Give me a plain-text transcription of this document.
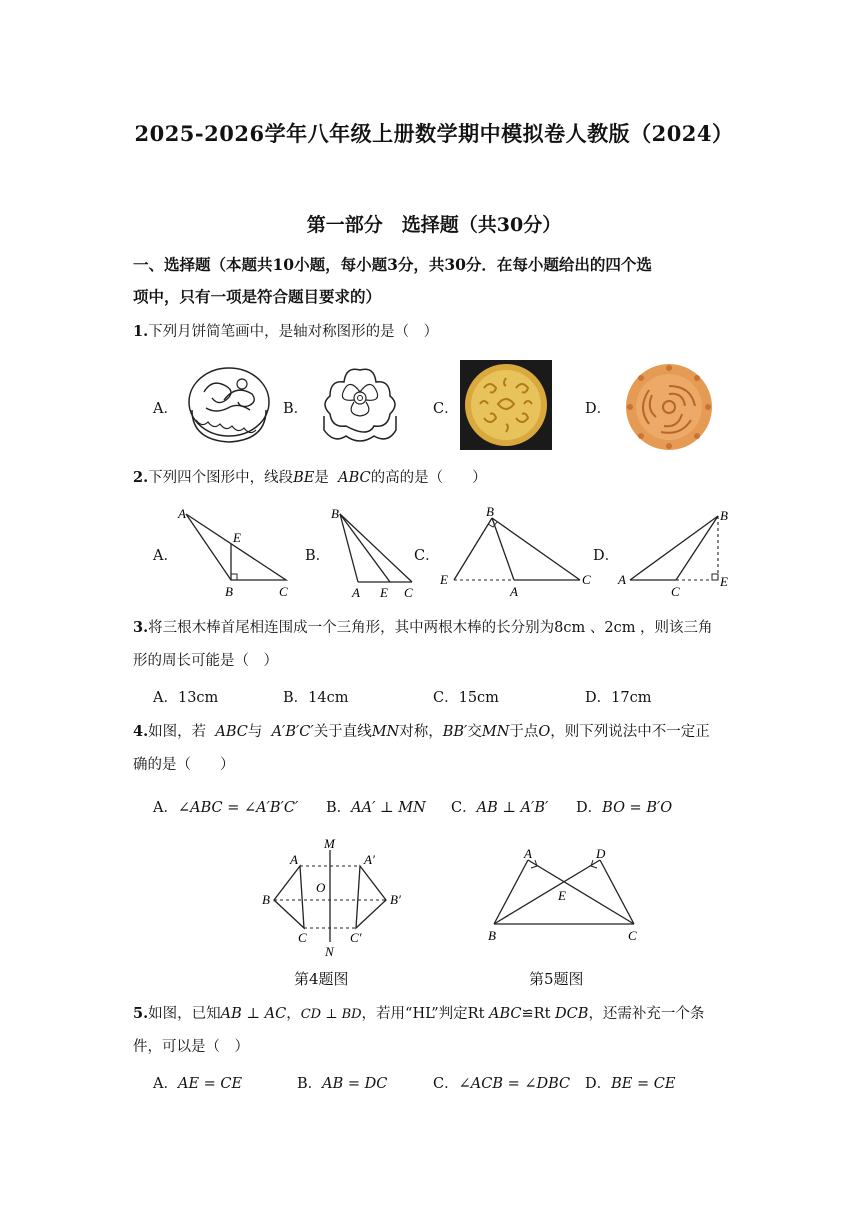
2025-2026学年八年级上册数学期中模拟卷人教版（2024）
第一部分　选择题（共30分）
一、选择题（本题共10小题，每小题3分，共30分．在每小题给出的四个选
项中，只有一项是符合题目要求的）
1.下列月饼简笔画中，是轴对称图形的是（　）
A．	B．	C．	D．
2.下列四个图形中，线段BE是 ABC的高的是（　　）
A．	B．	C．	D．
A
E
B	C
B
A E C
B
E
A
C
B
A
C
E
3.将三根木棒首尾相连围成一个三角形，其中两根木棒的长分别为8cm 、2cm ，则该三角
形的周长可能是（　）
A．13cm	B．14cm	C．15cm	D．17cm
4.如图，若 ABC与 A′B′C′关于直线MN对称，BB′交MN于点O，则下列说法中不一定正
确的是（　　）
A．∠ABC = ∠A′B′C′ B．AA′ ⊥ MN C．AB ⊥ A′B′ D．BO = B′O
M
N
A	A′
B	B′
C	C′
O
A	D
E
B	C
第4题图	第5题图
5.如图，已知AB ⊥ AC，CD ⊥ BD，若用“HL”判定Rt ABC≌Rt DCB，还需补充一个条
件，可以是（　）
A．AE = CE	B．AB = DC	C．∠ACB = ∠DBC D．BE = CE
